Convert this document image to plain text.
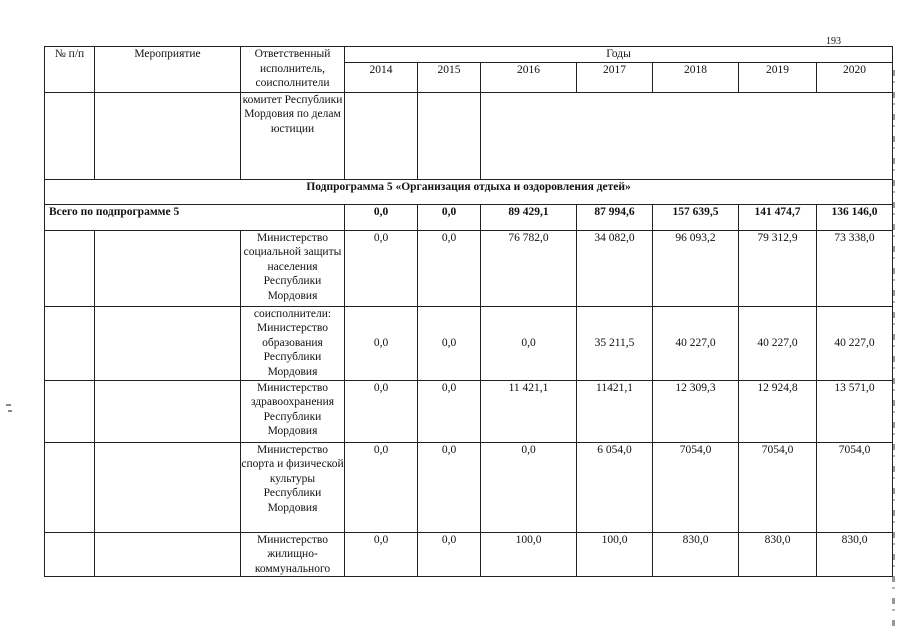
193
№ п/п	Мероприятие	Ответственный исполнитель, соисполнители	Годы						
			2014	2015	2016	2017	2018	2019	2020
		комитет Республики Мордовия по делам юстиции							
Подпрограмма 5 «Организация отдыха и оздоровления детей»									
Всего по подпрограмме 5			0,0	0,0	89 429,1	87 994,6	157 639,5	141 474,7	136 146,0
		Министерство социальной защиты населения Республики Мордовия	0,0	0,0	76 782,0	34 082,0	96 093,2	79 312,9	73 338,0
		соисполнители: Министерство образования Республики Мордовия	0,0	0,0	0,0	35 211,5	40 227,0	40 227,0	40 227,0
		Министерство здравоохранения Республики Мордовия	0,0	0,0	11 421,1	11421,1	12 309,3	12 924,8	13 571,0
		Министерство спорта и физической культуры Республики Мордовия	0,0	0,0	0,0	6 054,0	7054,0	7054,0	7054,0
		Министерство жилищно-коммунального	0,0	0,0	100,0	100,0	830,0	830,0	830,0
